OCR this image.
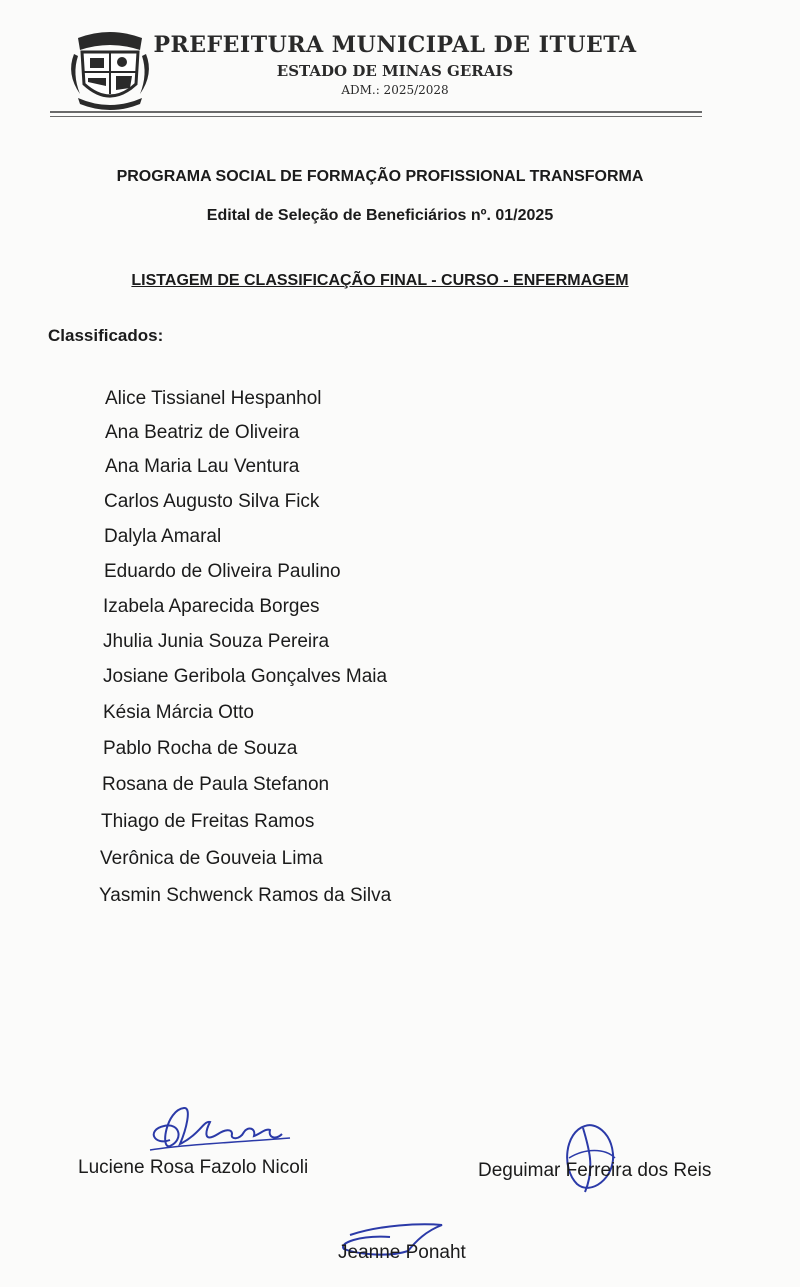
PREFEITURA MUNICIPAL DE ITUETA
ESTADO DE MINAS GERAIS
ADM.: 2025/2028
PROGRAMA SOCIAL DE FORMAÇÃO PROFISSIONAL TRANSFORMA
Edital de Seleção de Beneficiários nº. 01/2025
LISTAGEM DE CLASSIFICAÇÃO FINAL - CURSO - ENFERMAGEM
Classificados:
Alice Tissianel Hespanhol
Ana Beatriz de Oliveira
Ana Maria Lau Ventura
Carlos Augusto Silva Fick
Dalyla Amaral
Eduardo de Oliveira Paulino
Izabela Aparecida Borges
Jhulia Junia Souza Pereira
Josiane Geribola Gonçalves Maia
Késia Márcia Otto
Pablo Rocha de Souza
Rosana de Paula Stefanon
Thiago de Freitas Ramos
Verônica de Gouveia Lima
Yasmin Schwenck Ramos da Silva
Luciene Rosa Fazolo Nicoli	Deguimar Ferreira dos Reis
Jeanne Ponaht
